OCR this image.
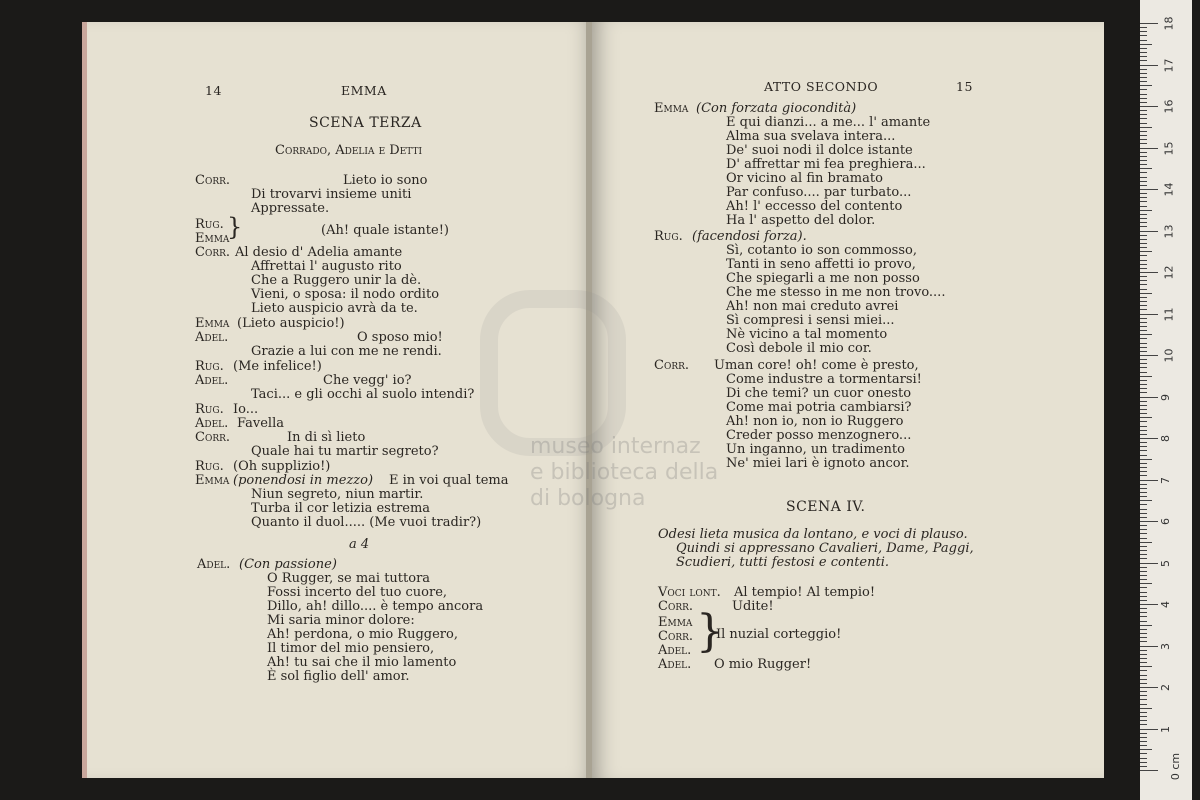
14	EMMA
SCENA TERZA
Corrado, Adelia e Detti
Corr.	Lieto io sono
Di trovarvi insieme uniti
Appressate.
Rug.
Emma
}	(Ah! quale istante!)
Corr. Al desio d' Adelia amante
Affrettai l' augusto rito
Che a Ruggero unir la dè.
Vieni, o sposa: il nodo ordito
Lieto auspicio avrà da te.
Emma (Lieto auspicio!)
Adel.	O sposo mio!
Grazie a lui con me ne rendi.
Rug. (Me infelice!)
Adel.	Che vegg' io?
Taci... e gli occhi al suolo intendi?
Rug. Io...
Adel. Favella
Corr.	In di sì lieto
Quale hai tu martir segreto?
Rug. (Oh supplizio!)
Emma (ponendosi in mezzo) E in voi qual tema
Niun segreto, niun martir.
Turba il cor letizia estrema
Quanto il duol..... (Me vuoi tradir?)
a 4
Adel. (Con passione)
O Rugger, se mai tuttora
Fossi incerto del tuo cuore,
Dillo, ah! dillo.... è tempo ancora
Mi saria minor dolore:
Ah! perdona, o mio Ruggero,
Il timor del mio pensiero,
Ah! tu sai che il mio lamento
È sol figlio dell' amor.
ATTO SECONDO	15
Emma (Con forzata giocondità)
E qui dianzi... a me... l' amante
Alma sua svelava intera...
De' suoi nodi il dolce istante
D' affrettar mi fea preghiera...
Or vicino al fin bramato
Par confuso.... par turbato...
Ah! l' eccesso del contento
Ha l' aspetto del dolor.
Rug. (facendosi forza).
Sì, cotanto io son commosso,
Tanti in seno affetti io provo,
Che spiegarli a me non posso
Che me stesso in me non trovo....
Ah! non mai creduto avrei
Sì compresi i sensi miei...
Nè vicino a tal momento
Così debole il mio cor.
Corr. Uman core! oh! come è presto,
Come industre a tormentarsi!
Di che temi? un cuor onesto
Come mai potria cambiarsi?
Ah! non io, non io Ruggero
Creder posso menzognero...
Un inganno, un tradimento
Ne' miei lari è ignoto ancor.
SCENA IV.
Odesi lieta musica da lontano, e voci di plauso.
Quindi si appressano Cavalieri, Dame, Paggi,
Scudieri, tutti festosi e contenti.
Voci lont. Al tempio! Al tempio!
Corr.	Udite!
Emma
Corr.
Adel. }
Il nuzial corteggio!
Adel. O mio Rugger!
museo internaz
e biblioteca della
di bologna
0 cm
1
2
3
4
5
6
7
8
9
10
11
12
13
14
15
16
17
18
